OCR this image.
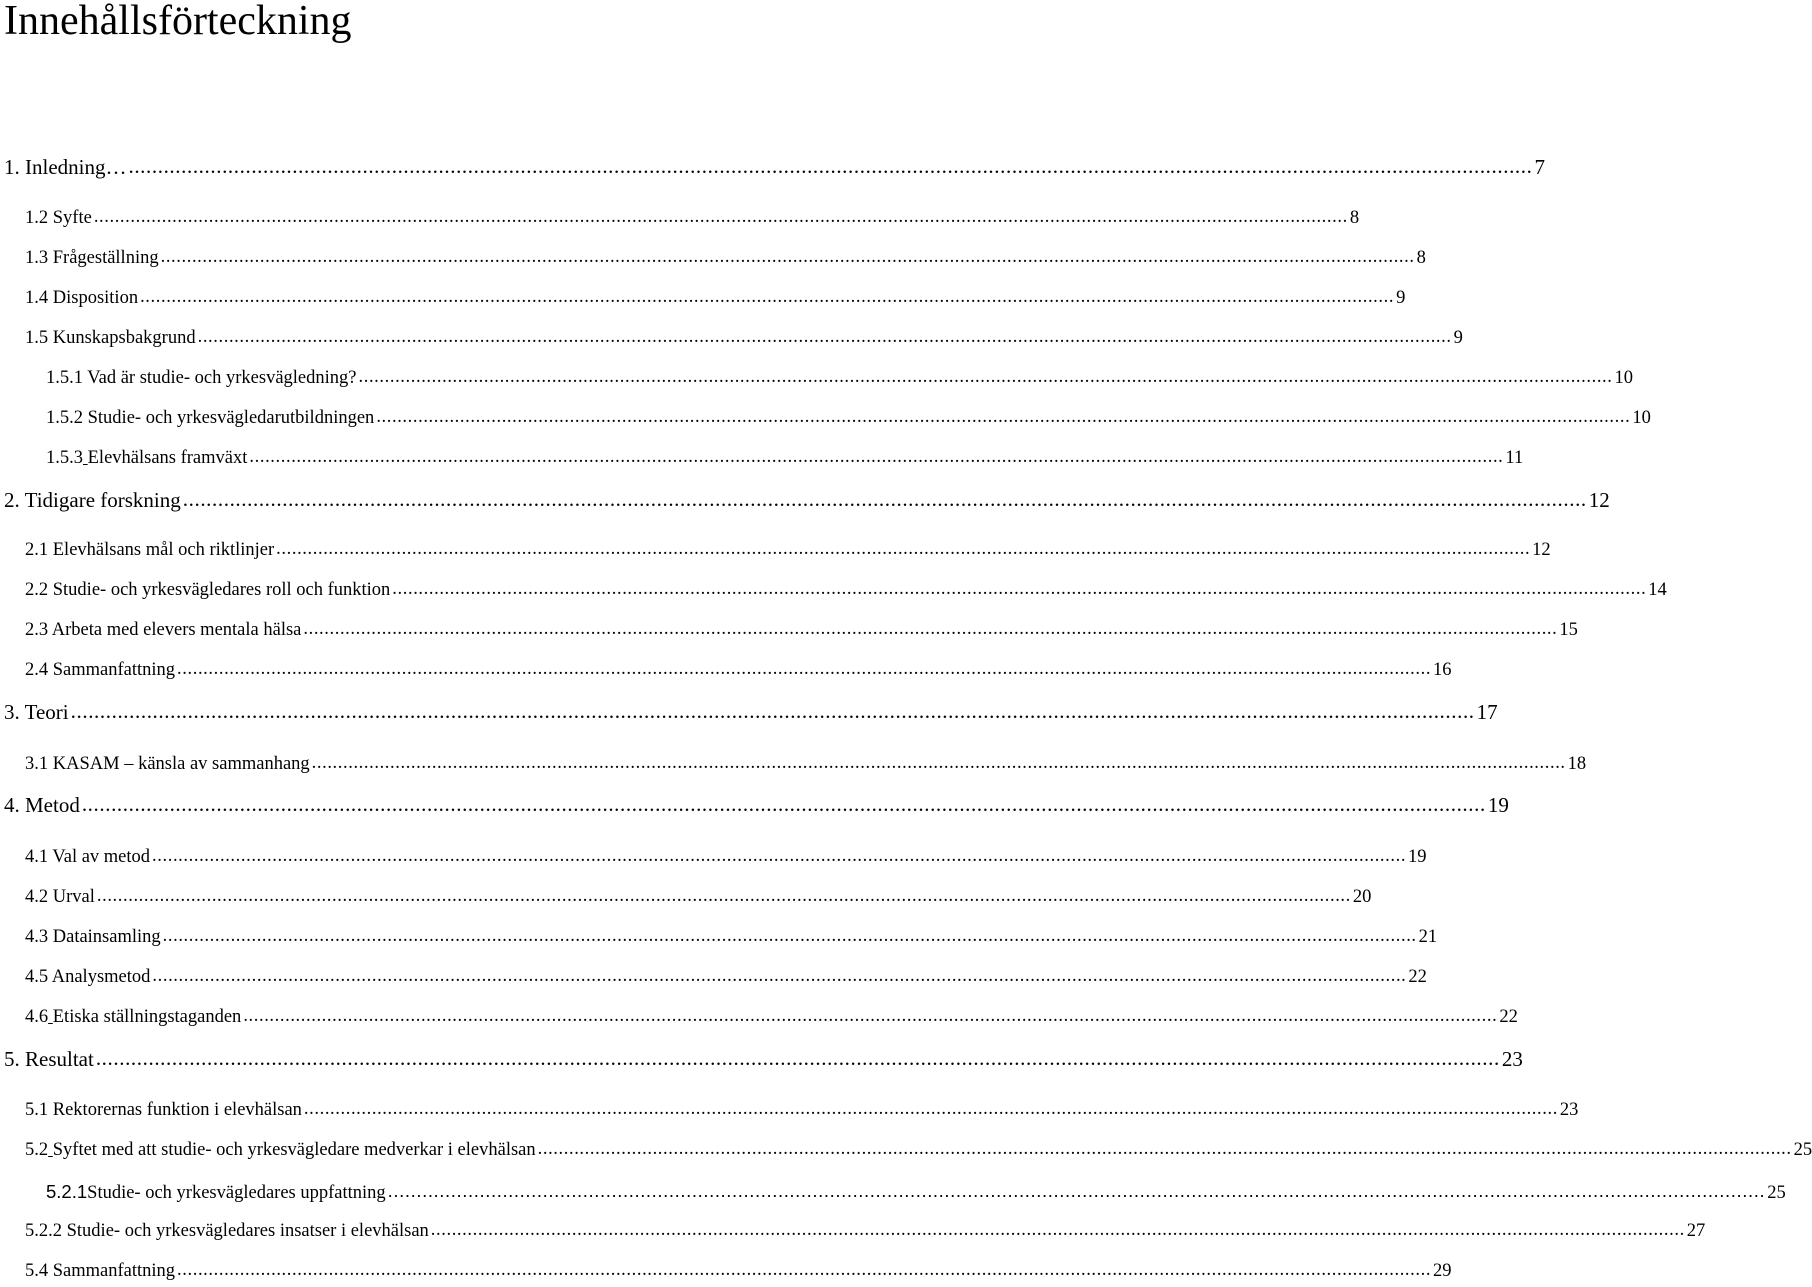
Innehållsförteckning
1. Inledning… .....	7
1.2 Syfte .....	8
1.3 Frågeställning .....	8
1.4 Disposition .....	9
1.5 Kunskapsbakgrund .....	9
1.5.1 Vad är studie- och yrkesvägledning? .....	10
1.5.2 Studie- och yrkesvägledarutbildningen .....	10
1.5.3 Elevhälsans framväxt .....	11
2. Tidigare forskning .....	12
2.1 Elevhälsans mål och riktlinjer .....	12
2.2 Studie- och yrkesvägledares roll och funktion .....	14
2.3 Arbeta med elevers mentala hälsa .....	15
2.4 Sammanfattning .....	16
3. Teori .....	17
3.1 KASAM – känsla av sammanhang .....	18
4. Metod .....	19
4.1 Val av metod .....	19
4.2 Urval .....	20
4.3 Datainsamling .....	21
4.5 Analysmetod .....	22
4.6 Etiska ställningstaganden .....	22
5. Resultat .....	23
5.1 Rektorernas funktion i elevhälsan .....	23
5.2 Syftet med att studie- och yrkesvägledare medverkar i elevhälsan .....	25
5.2.1Studie- och yrkesvägledares uppfattning .....	25
5.2.2 Studie- och yrkesvägledares insatser i elevhälsan .....	27
5.4 Sammanfattning .....	29
